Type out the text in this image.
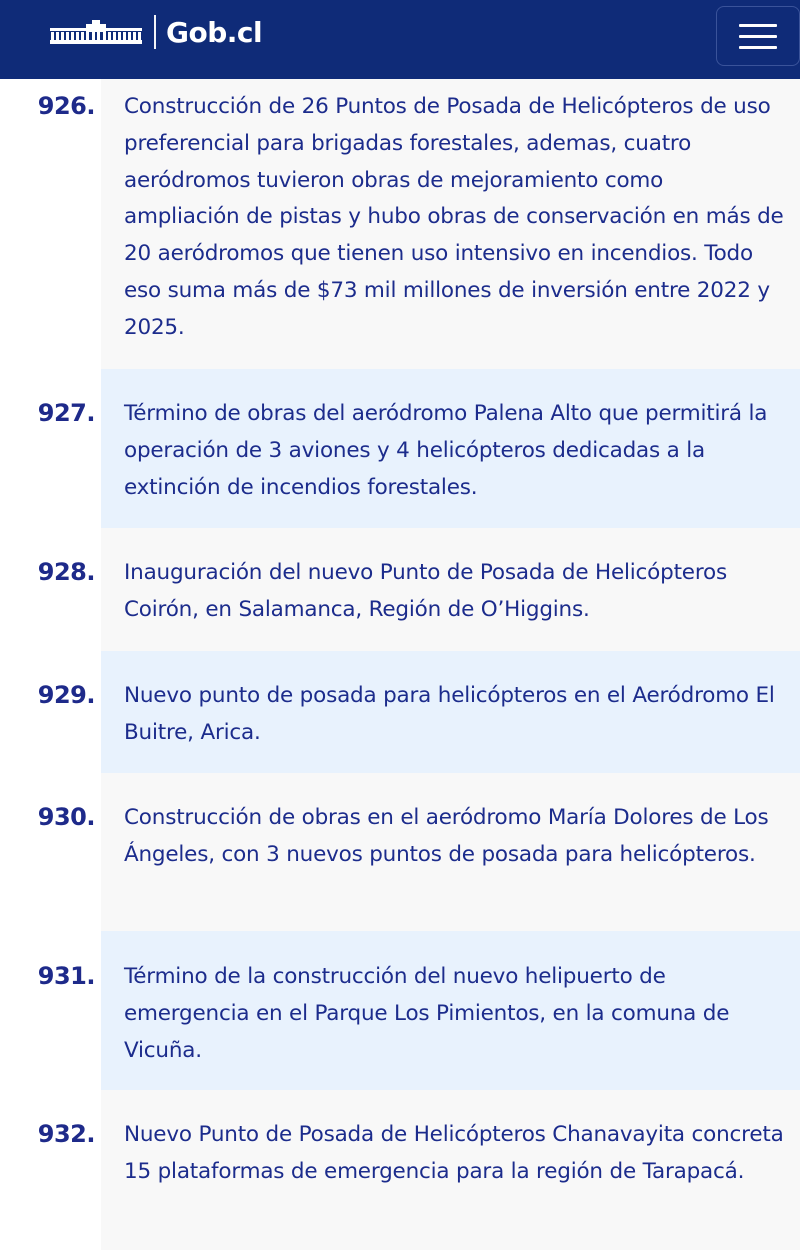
Gob.cl
926. Construcción de 26 Puntos de Posada de Helicópteros de uso preferencial para brigadas forestales, ademas, cuatro aeródromos tuvieron obras de mejoramiento como ampliación de pistas y hubo obras de conservación en más de 20 aeródromos que tienen uso intensivo en incendios. Todo eso suma más de $73 mil millones de inversión entre 2022 y 2025.
927. Término de obras del aeródromo Palena Alto que permitirá la operación de 3 aviones y 4 helicópteros dedicadas a la extinción de incendios forestales.
928. Inauguración del nuevo Punto de Posada de Helicópteros Coirón, en Salamanca, Región de O’Higgins.
929. Nuevo punto de posada para helicópteros en el Aeródromo El Buitre, Arica.
930. Construcción de obras en el aeródromo María Dolores de Los Ángeles, con 3 nuevos puntos de posada para helicópteros.
931. Término de la construcción del nuevo helipuerto de emergencia en el Parque Los Pimientos, en la comuna de Vicuña.
932. Nuevo Punto de Posada de Helicópteros Chanavayita concreta 15 plataformas de emergencia para la región de Tarapacá.
